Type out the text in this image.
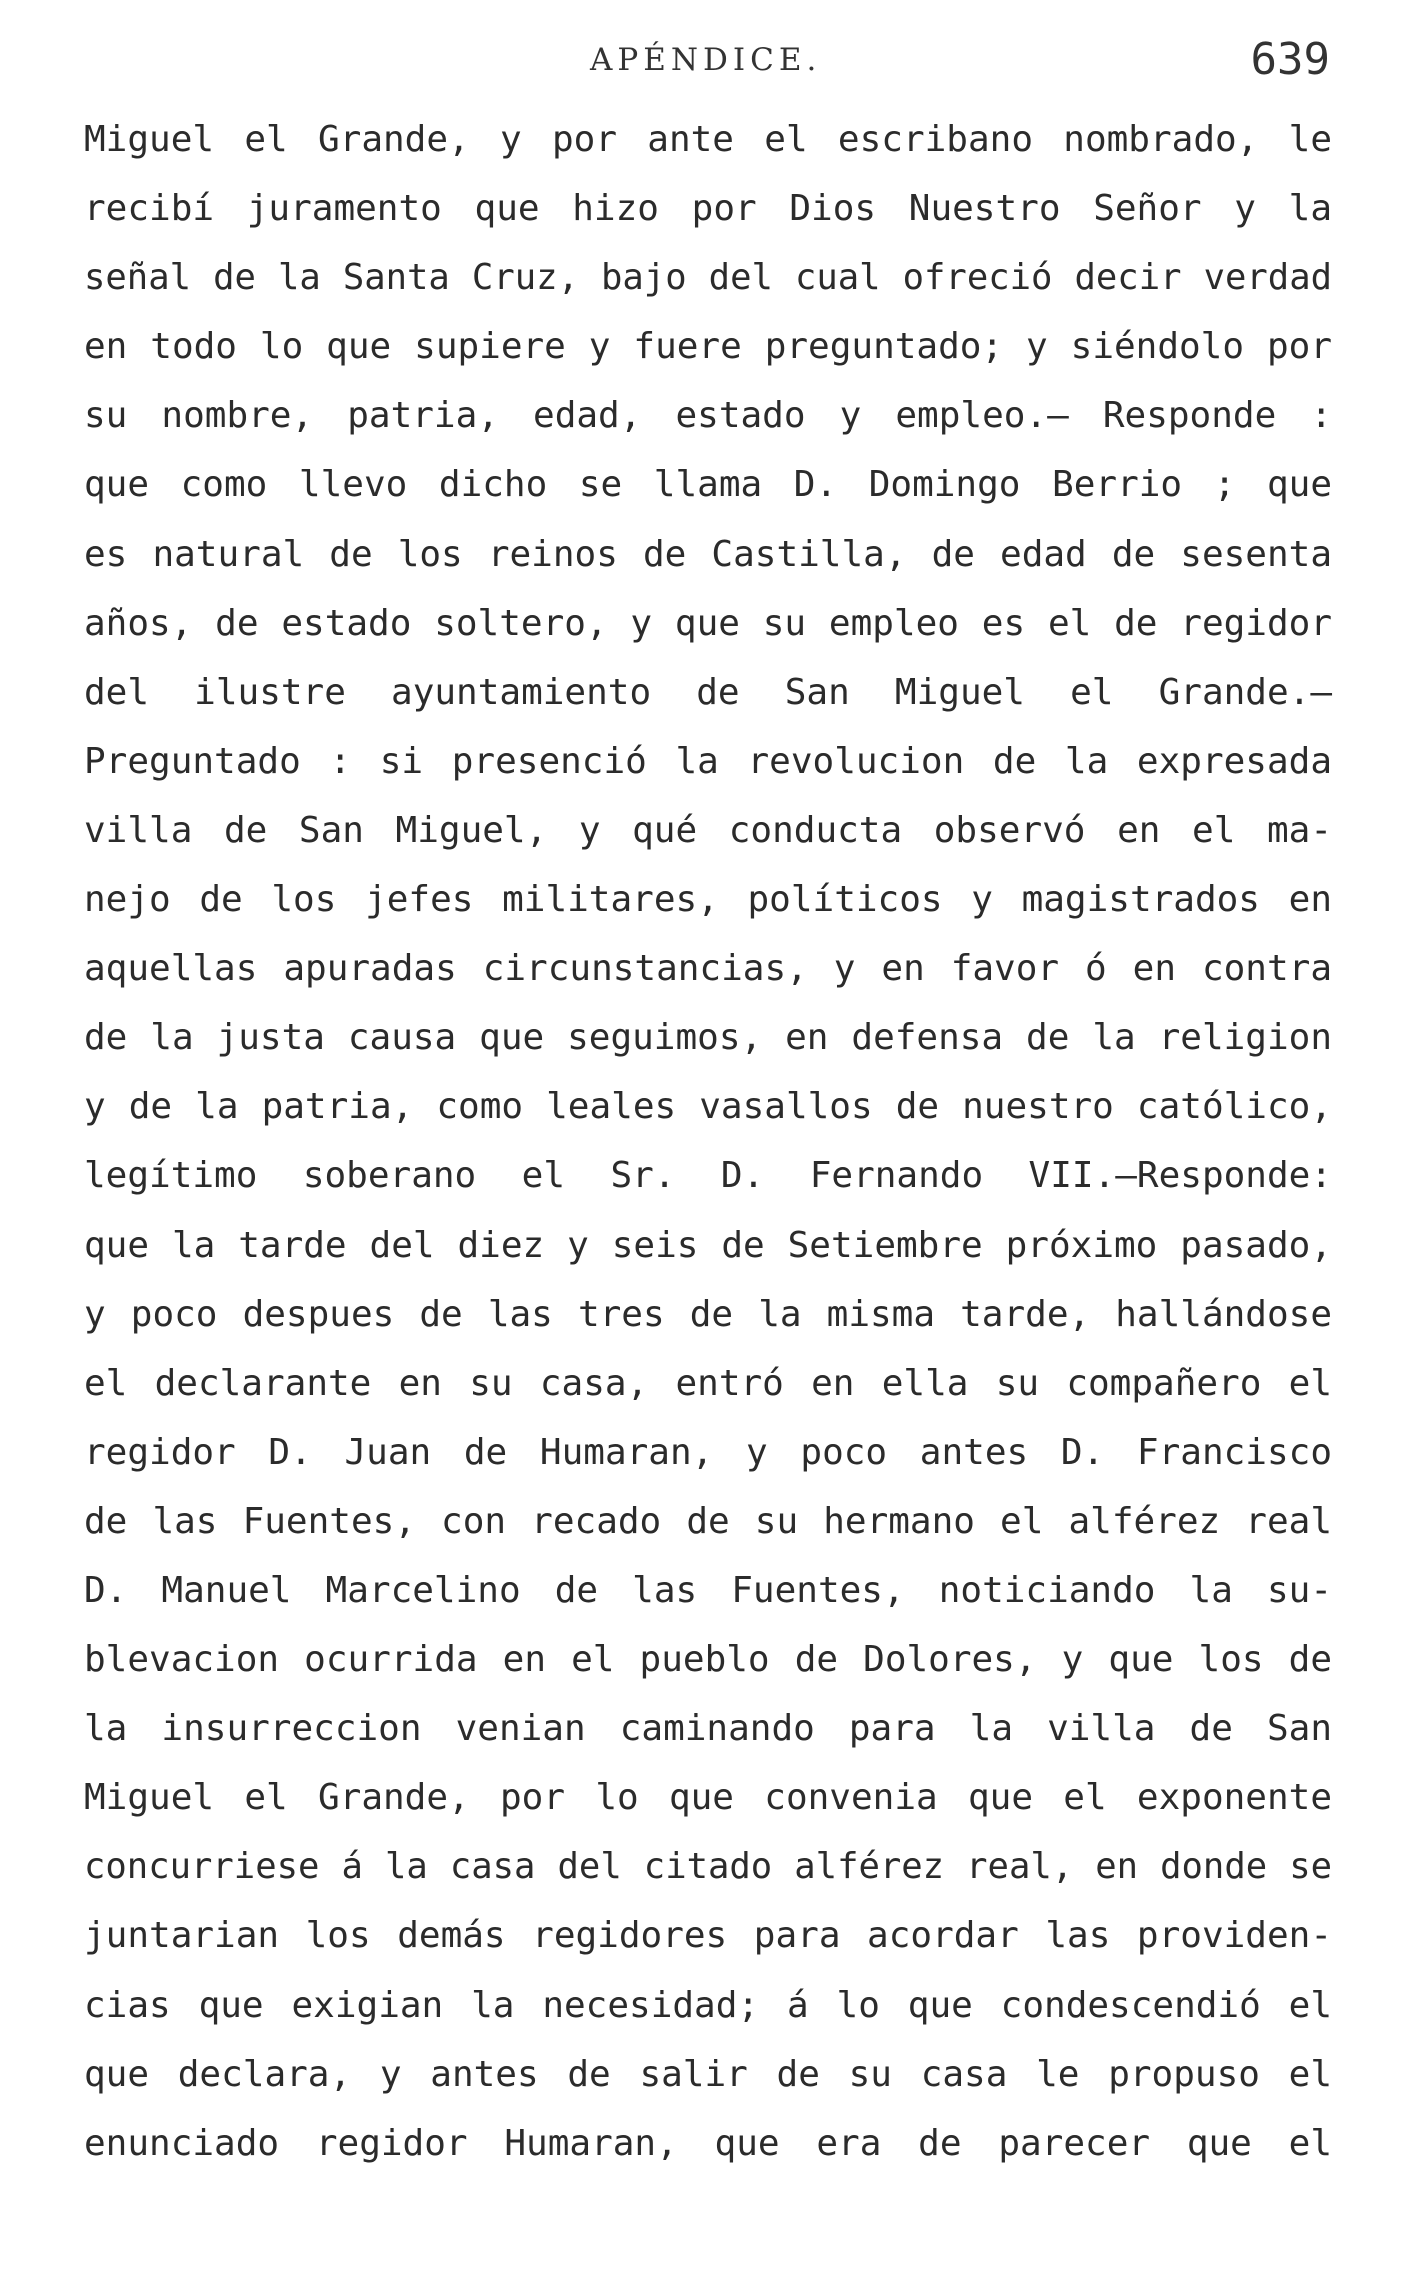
APÉNDICE.	639
Miguel el Grande, y por ante el escribano nombrado, le
recibí juramento que hizo por Dios Nuestro Señor y la
señal de la Santa Cruz, bajo del cual ofreció decir verdad
en todo lo que supiere y fuere preguntado; y siéndolo por
su nombre, patria, edad, estado y empleo.— Responde :
que como llevo dicho se llama D. Domingo Berrio ; que
es natural de los reinos de Castilla, de edad de sesenta
años, de estado soltero, y que su empleo es el de regidor
del ilustre ayuntamiento de San Miguel el Grande.—
Preguntado : si presenció la revolucion de la expresada
villa de San Miguel, y qué conducta observó en el ma-
nejo de los jefes militares, políticos y magistrados en
aquellas apuradas circunstancias, y en favor ó en contra
de la justa causa que seguimos, en defensa de la religion
y de la patria, como leales vasallos de nuestro católico,
legítimo soberano el Sr. D. Fernando VII.—Responde:
que la tarde del diez y seis de Setiembre próximo pasado,
y poco despues de las tres de la misma tarde, hallándose
el declarante en su casa, entró en ella su compañero el
regidor D. Juan de Humaran, y poco antes D. Francisco
de las Fuentes, con recado de su hermano el alférez real
D. Manuel Marcelino de las Fuentes, noticiando la su-
blevacion ocurrida en el pueblo de Dolores, y que los de
la insurreccion venian caminando para la villa de San
Miguel el Grande, por lo que convenia que el exponente
concurriese á la casa del citado alférez real, en donde se
juntarian los demás regidores para acordar las providen-
cias que exigian la necesidad; á lo que condescendió el
que declara, y antes de salir de su casa le propuso el
enunciado regidor Humaran, que era de parecer que el
